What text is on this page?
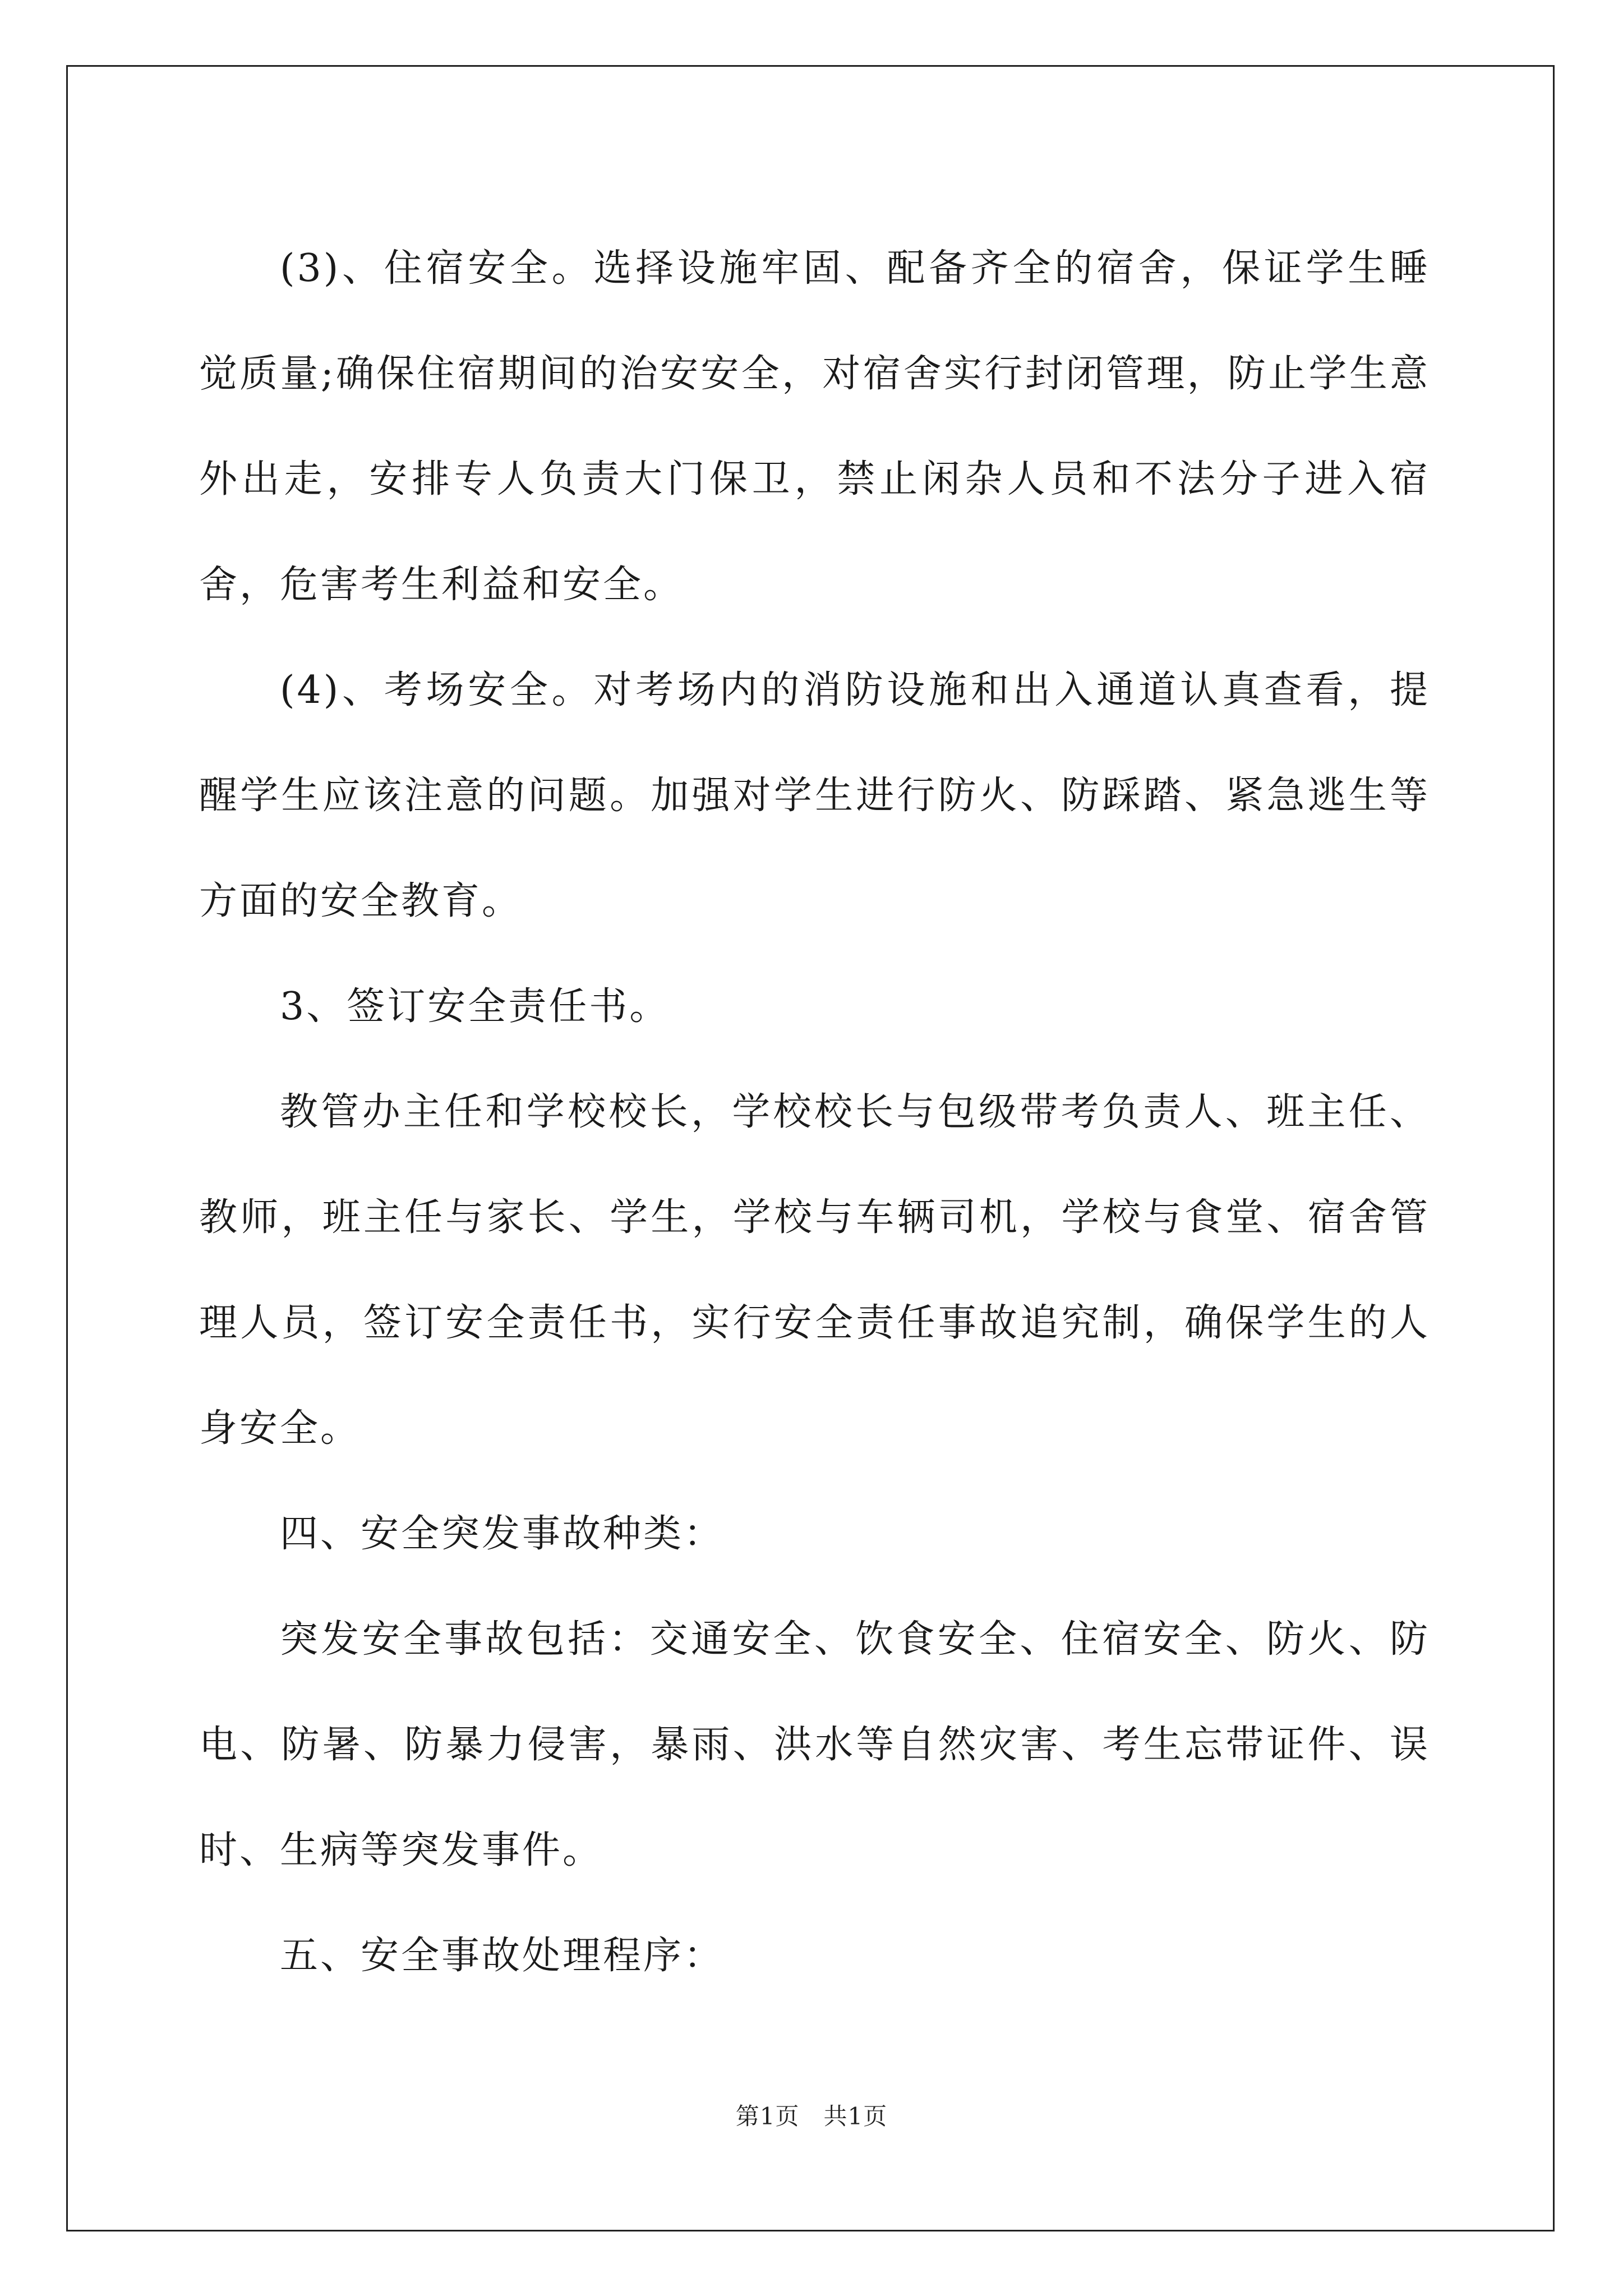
(3)、住宿安全。选择设施牢固、配备齐全的宿舍，保证学生睡觉质量;确保住宿期间的治安安全，对宿舍实行封闭管理，防止学生意外出走，安排专人负责大门保卫，禁止闲杂人员和不法分子进入宿舍，危害考生利益和安全。

(4)、考场安全。对考场内的消防设施和出入通道认真查看，提醒学生应该注意的问题。加强对学生进行防火、防踩踏、紧急逃生等方面的安全教育。

3、签订安全责任书。

教管办主任和学校校长，学校校长与包级带考负责人、班主任、教师，班主任与家长、学生，学校与车辆司机，学校与食堂、宿舍管理人员，签订安全责任书，实行安全责任事故追究制，确保学生的人身安全。

四、安全突发事故种类：

突发安全事故包括：交通安全、饮食安全、住宿安全、防火、防电、防暑、防暴力侵害，暴雨、洪水等自然灾害、考生忘带证件、误时、生病等突发事件。

五、安全事故处理程序：

第1页　共1页
